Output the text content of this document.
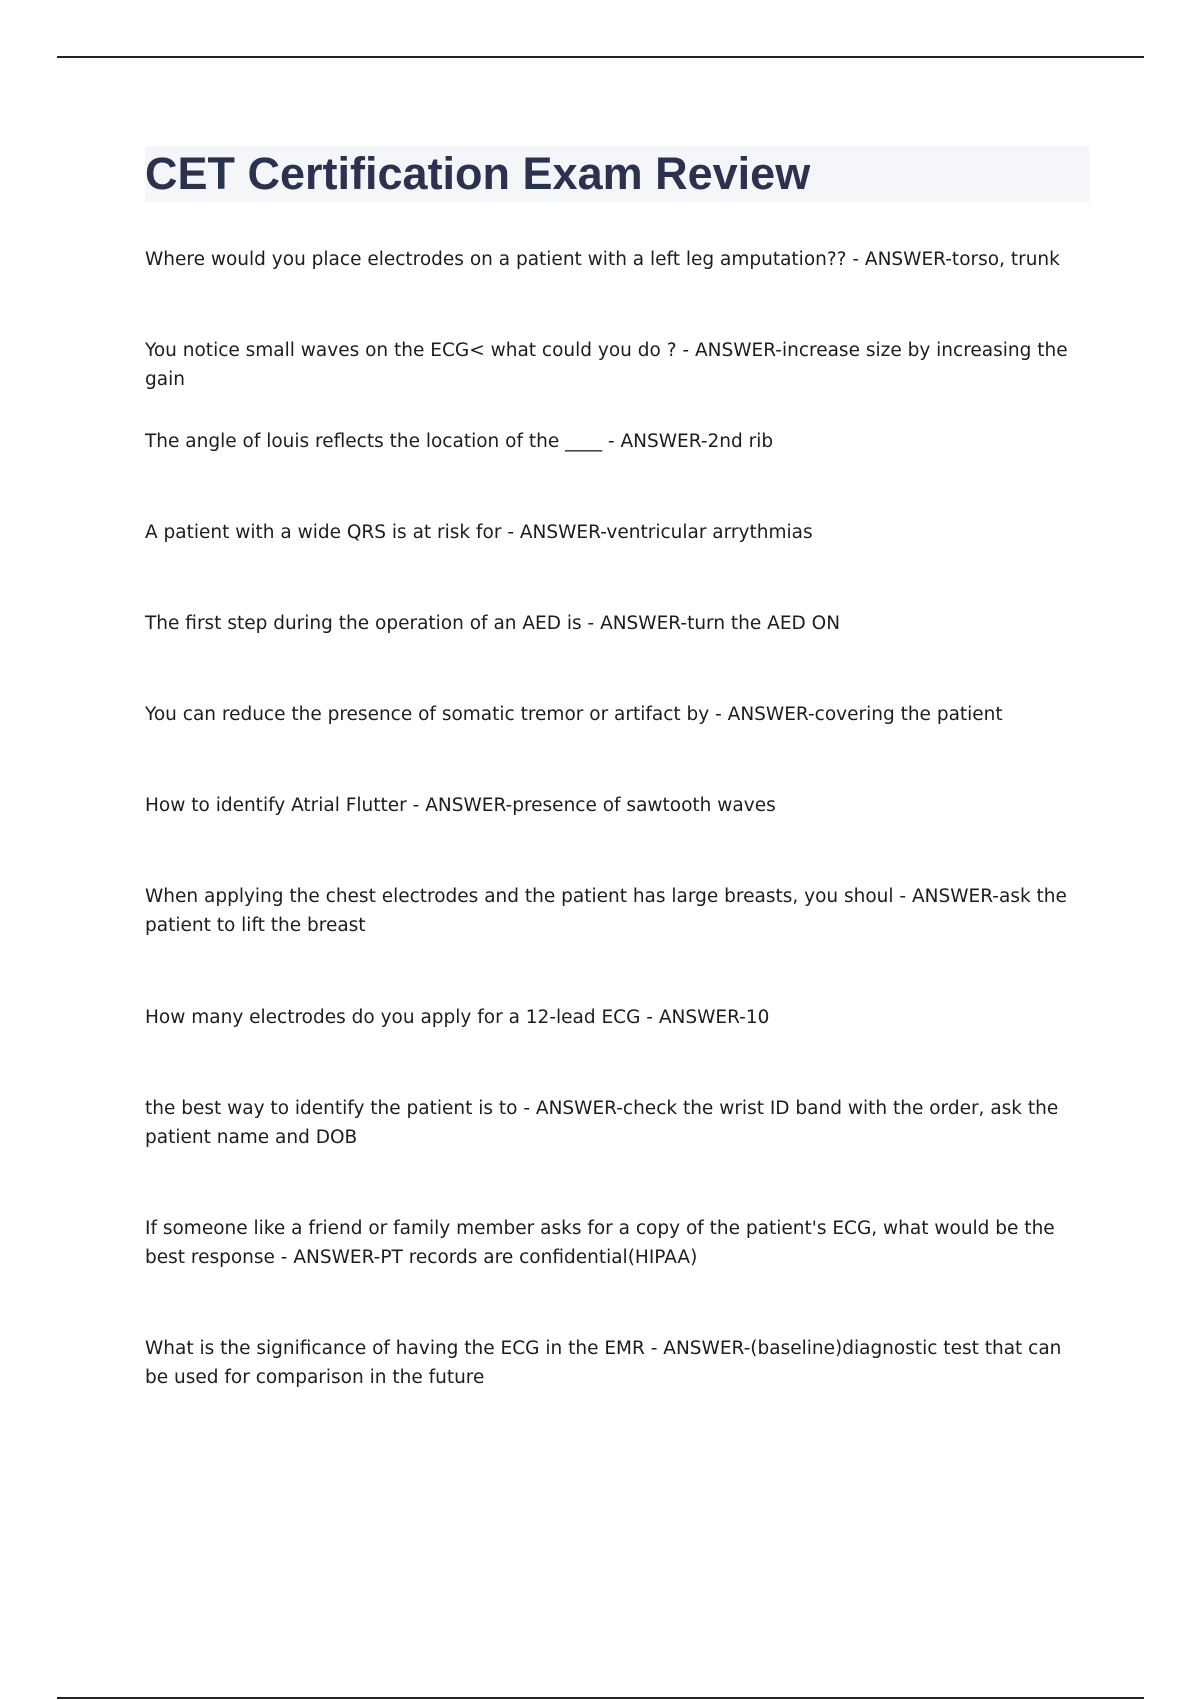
CET Certification Exam Review

Where would you place electrodes on a patient with a left leg amputation?? - ANSWER-torso, trunk

You notice small waves on the ECG< what could you do ? - ANSWER-increase size by increasing the gain

The angle of louis reflects the location of the ____ - ANSWER-2nd rib

A patient with a wide QRS is at risk for - ANSWER-ventricular arrythmias

The first step during the operation of an AED is - ANSWER-turn the AED ON

You can reduce the presence of somatic tremor or artifact by - ANSWER-covering the patient

How to identify Atrial Flutter - ANSWER-presence of sawtooth waves

When applying the chest electrodes and the patient has large breasts, you shoul - ANSWER-ask the patient to lift the breast

How many electrodes do you apply for a 12-lead ECG - ANSWER-10

the best way to identify the patient is to - ANSWER-check the wrist ID band with the order, ask the patient name and DOB

If someone like a friend or family member asks for a copy of the patient's ECG, what would be the best response - ANSWER-PT records are confidential(HIPAA)

What is the significance of having the ECG in the EMR - ANSWER-(baseline)diagnostic test that can be used for comparison in the future
